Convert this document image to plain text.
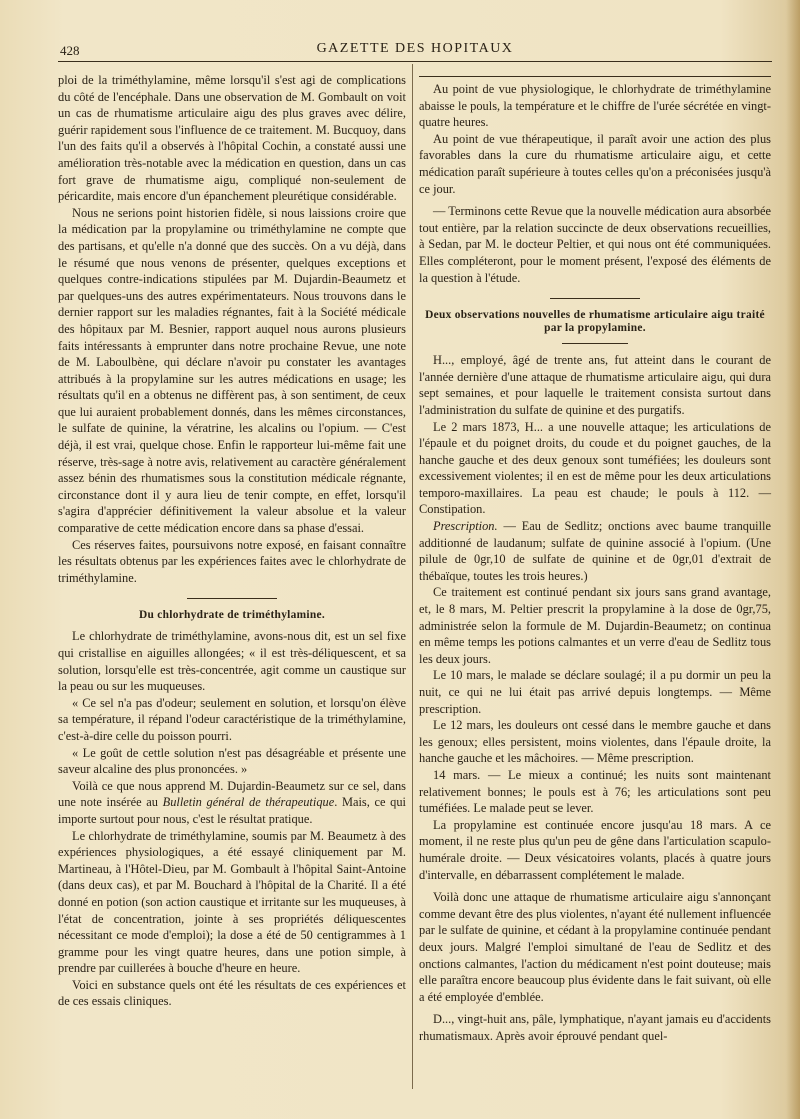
428	GAZETTE DES HOPITAUX

ploi de la triméthylamine, même lorsqu'il s'est agi de complications du côté de l'encéphale. Dans une observation de M. Gombault on voit un cas de rhumatisme articulaire aigu des plus graves avec délire, guérir rapidement sous l'influence de ce traitement. M. Bucquoy, dans l'un des faits qu'il a observés à l'hôpital Cochin, a constaté aussi une amélioration très-notable avec la médication en question, dans un cas fort grave de rhumatisme aigu, compliqué non-seulement de péricardite, mais encore d'un épanchement pleurétique considérable.

Nous ne serions point historien fidèle, si nous laissions croire que la médication par la propylamine ou triméthylamine ne compte que des partisans, et qu'elle n'a donné que des succès. On a vu déjà, dans le résumé que nous venons de présenter, quelques exceptions et quelques contre-indications stipulées par M. Dujardin-Beaumetz et par quelques-uns des autres expérimentateurs. Nous trouvons dans le dernier rapport sur les maladies régnantes, fait à la Société médicale des hôpitaux par M. Besnier, rapport auquel nous aurons plusieurs faits intéressants à emprunter dans notre prochaine Revue, une note de M. Laboulbène, qui déclare n'avoir pu constater les avantages attribués à la propylamine sur les autres médications en usage; les résultats qu'il en a obtenus ne diffèrent pas, à son sentiment, de ceux que lui auraient probablement donnés, dans les mêmes circonstances, le sulfate de quinine, la vératrine, les alcalins ou l'opium. — C'est déjà, il est vrai, quelque chose. Enfin le rapporteur lui-même fait une réserve, très-sage à notre avis, relativement au caractère généralement assez bénin des rhumatismes sous la constitution médicale régnante, circonstance dont il y aura lieu de tenir compte, en effet, lorsqu'il s'agira d'apprécier définitivement la valeur absolue et la valeur comparative de cette médication encore dans sa phase d'essai.

Ces réserves faites, poursuivons notre exposé, en faisant connaître les résultats obtenus par les expériences faites avec le chlorhydrate de triméthylamine.

Du chlorhydrate de triméthylamine.

Le chlorhydrate de triméthylamine, avons-nous dit, est un sel fixe qui cristallise en aiguilles allongées; « il est très-déliquescent, et sa solution, lorsqu'elle est très-concentrée, agit comme un caustique sur la peau ou sur les muqueuses.

« Ce sel n'a pas d'odeur; seulement en solution, et lorsqu'on élève sa température, il répand l'odeur caractéristique de la triméthylamine, c'est-à-dire celle du poisson pourri.

« Le goût de cettle solution n'est pas désagréable et présente une saveur alcaline des plus prononcées. »

Voilà ce que nous apprend M. Dujardin-Beaumetz sur ce sel, dans une note insérée au Bulletin général de thérapeutique. Mais, ce qui importe surtout pour nous, c'est le résultat pratique.

Le chlorhydrate de triméthylamine, soumis par M. Beaumetz à des expériences physiologiques, a été essayé cliniquement par M. Martineau, à l'Hôtel-Dieu, par M. Gombault à l'hôpital Saint-Antoine (dans deux cas), et par M. Bouchard à l'hôpital de la Charité. Il a été donné en potion (son action caustique et irritante sur les muqueuses, à l'état de concentration, jointe à ses propriétés déliquescentes nécessitant ce mode d'emploi); la dose a été de 50 centigrammes à 1 gramme pour les vingt quatre heures, dans une potion simple, à prendre par cuillerées à bouche d'heure en heure.

Voici en substance quels ont été les résultats de ces expériences et de ces essais cliniques.

Au point de vue physiologique, le chlorhydrate de triméthylamine abaisse le pouls, la température et le chiffre de l'urée sécrétée en vingt-quatre heures.

Au point de vue thérapeutique, il paraît avoir une action des plus favorables dans la cure du rhumatisme articulaire aigu, et cette médication paraît supérieure à toutes celles qu'on a préconisées jusqu'à ce jour.

— Terminons cette Revue que la nouvelle médication aura absorbée tout entière, par la relation succincte de deux observations recueillies, à Sedan, par M. le docteur Peltier, et qui nous ont été communiquées. Elles compléteront, pour le moment présent, l'exposé des éléments de la question à l'étude.

Deux observations nouvelles de rhumatisme articulaire aigu traité par la propylamine.

H..., employé, âgé de trente ans, fut atteint dans le courant de l'année dernière d'une attaque de rhumatisme articulaire aigu, qui dura sept semaines, et pour laquelle le traitement consista surtout dans l'administration du sulfate de quinine et des purgatifs.

Le 2 mars 1873, H... a une nouvelle attaque; les articulations de l'épaule et du poignet droits, du coude et du poignet gauches, de la hanche gauche et des deux genoux sont tuméfiées; les douleurs sont excessivement violentes; il en est de même pour les deux articulations temporo-maxillaires. La peau est chaude; le pouls à 112. — Constipation.

Prescription. — Eau de Sedlitz; onctions avec baume tranquille additionné de laudanum; sulfate de quinine associé à l'opium. (Une pilule de 0gr,10 de sulfate de quinine et de 0gr,01 d'extrait de thébaïque, toutes les trois heures.)

Ce traitement est continué pendant six jours sans grand avantage, et, le 8 mars, M. Peltier prescrit la propylamine à la dose de 0gr,75, administrée selon la formule de M. Dujardin-Beaumetz; on continua en même temps les potions calmantes et un verre d'eau de Sedlitz tous les deux jours.

Le 10 mars, le malade se déclare soulagé; il a pu dormir un peu la nuit, ce qui ne lui était pas arrivé depuis longtemps. — Même prescription.

Le 12 mars, les douleurs ont cessé dans le membre gauche et dans les genoux; elles persistent, moins violentes, dans l'épaule droite, la hanche gauche et les mâchoires. — Même prescription.

14 mars. — Le mieux a continué; les nuits sont maintenant relativement bonnes; le pouls est à 76; les articulations sont peu tuméfiées. Le malade peut se lever.

La propylamine est continuée encore jusqu'au 18 mars. A ce moment, il ne reste plus qu'un peu de gêne dans l'articulation scapulo-humérale droite. — Deux vésicatoires volants, placés à quatre jours d'intervalle, en débarrassent complétement le malade.

Voilà donc une attaque de rhumatisme articulaire aigu s'annonçant comme devant être des plus violentes, n'ayant été nullement influencée par le sulfate de quinine, et cédant à la propylamine continuée pendant deux jours. Malgré l'emploi simultané de l'eau de Sedlitz et des onctions calmantes, l'action du médicament n'est point douteuse; mais elle paraîtra encore beaucoup plus évidente dans le fait suivant, où elle a été employée d'emblée.

D..., vingt-huit ans, pâle, lymphatique, n'ayant jamais eu d'accidents rhumatismaux. Après avoir éprouvé pendant quel-
